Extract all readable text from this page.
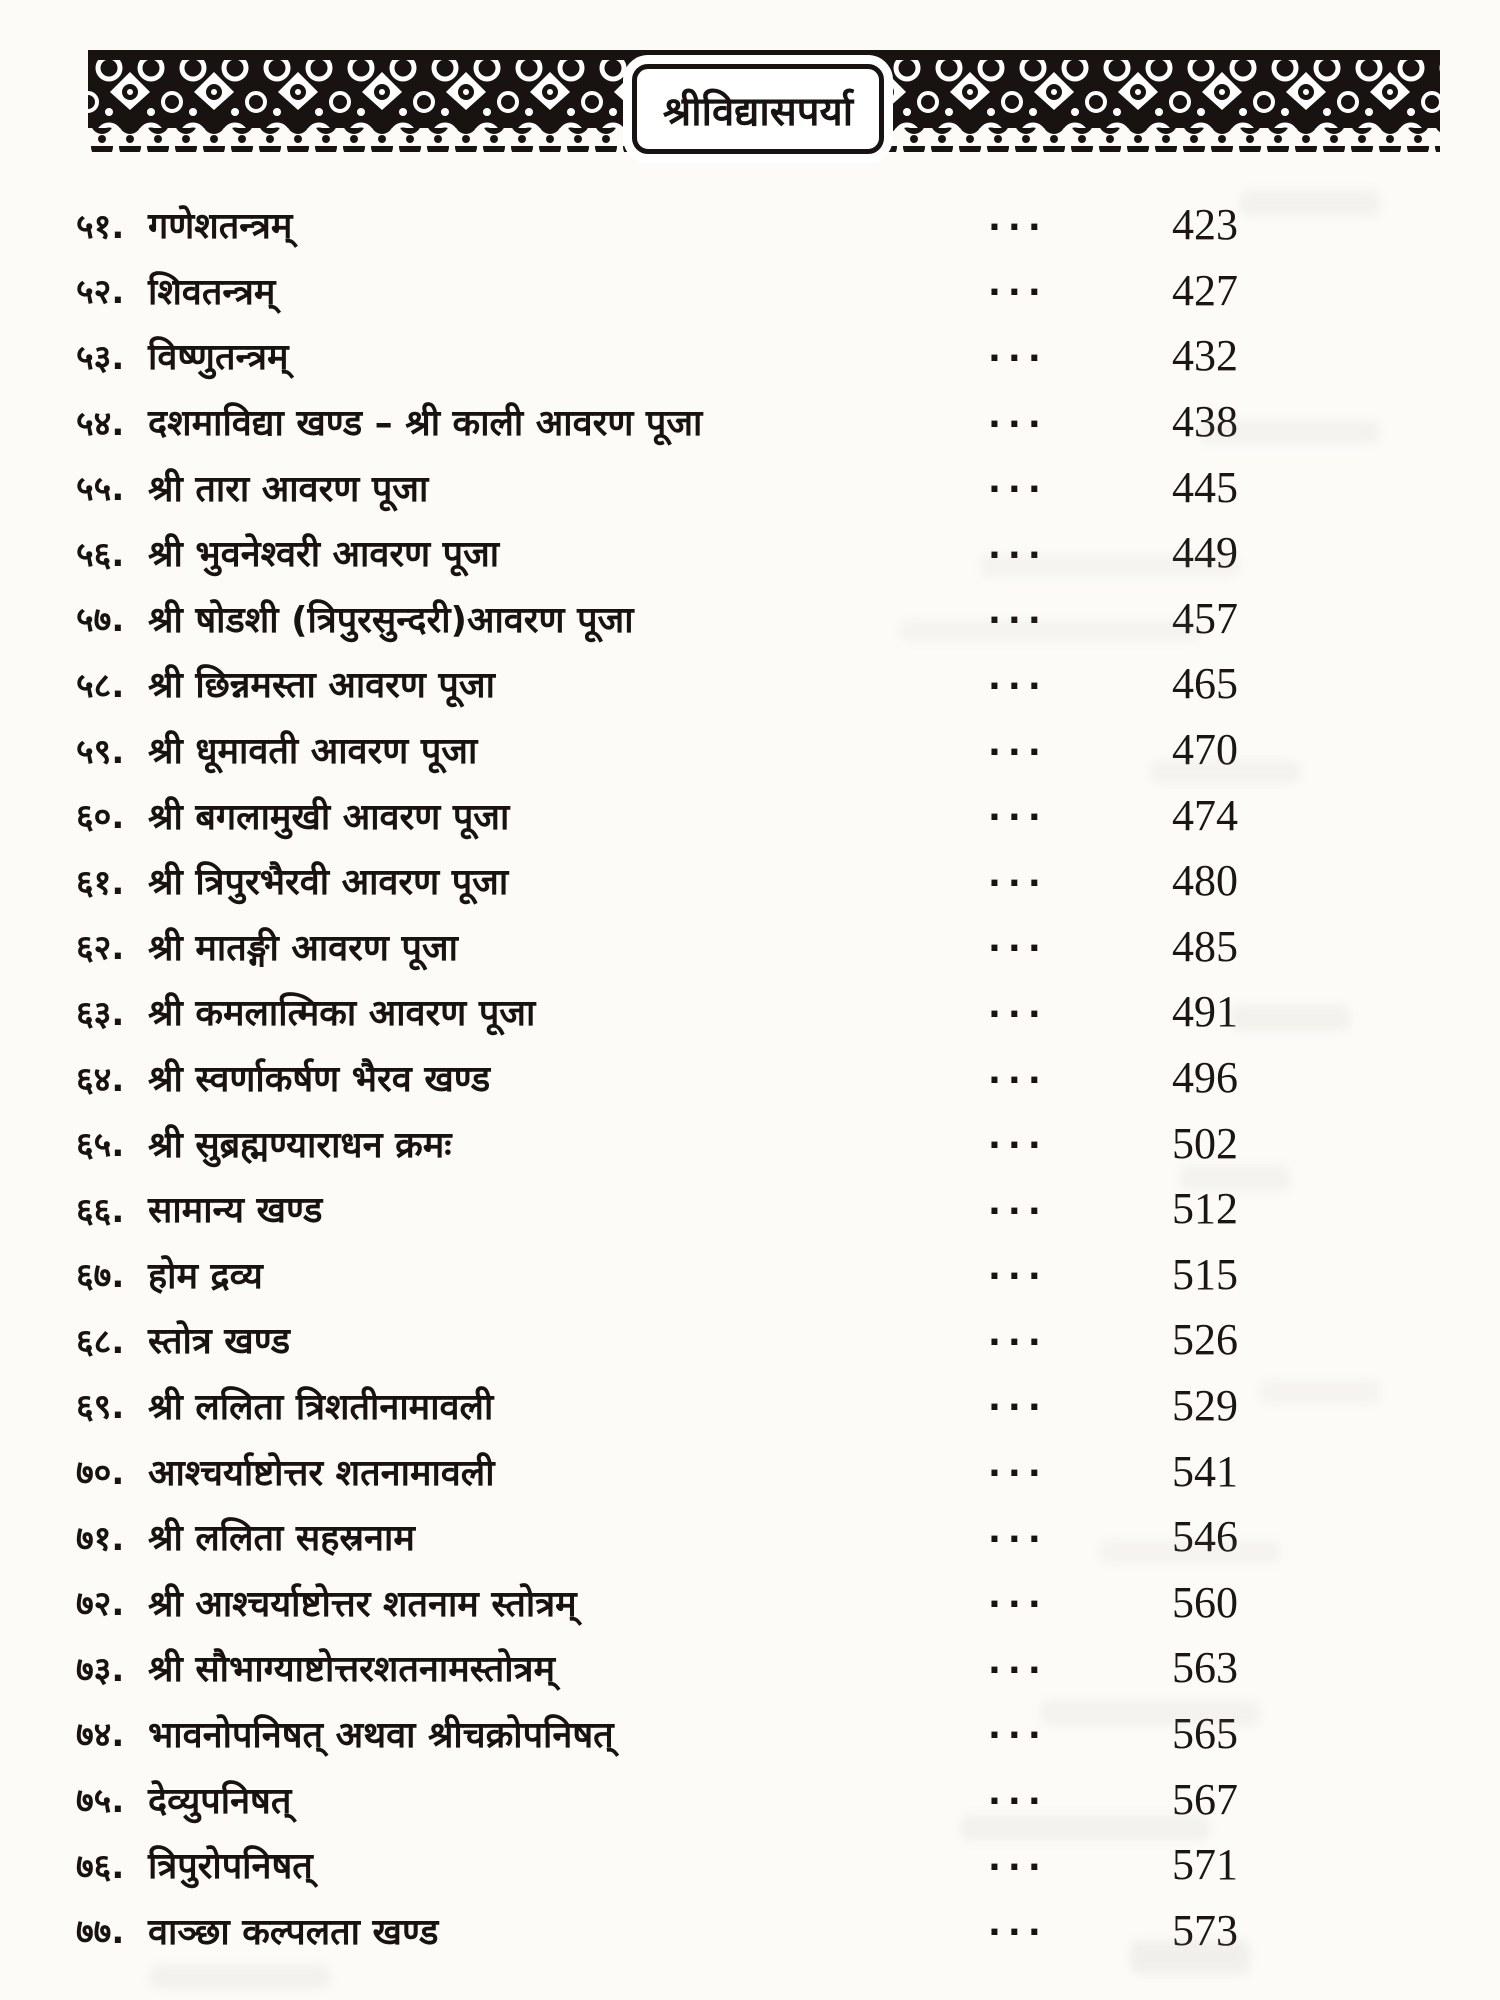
श्रीविद्यासपर्या
५१. गणेशतन्त्रम्	...	423
५२. शिवतन्त्रम्	...	427
५३. विष्णुतन्त्रम्	...	432
५४. दशमाविद्या खण्ड – श्री काली आवरण पूजा	...	438
५५. श्री तारा आवरण पूजा	...	445
५६. श्री भुवनेश्वरी आवरण पूजा	...	449
५७. श्री षोडशी (त्रिपुरसुन्दरी)आवरण पूजा	...	457
५८. श्री छिन्नमस्ता आवरण पूजा	...	465
५९. श्री धूमावती आवरण पूजा	...	470
६०. श्री बगलामुखी आवरण पूजा	...	474
६१. श्री त्रिपुरभैरवी आवरण पूजा	...	480
६२. श्री मातङ्गी आवरण पूजा	...	485
६३. श्री कमलात्मिका आवरण पूजा	...	491
६४. श्री स्वर्णाकर्षण भैरव खण्ड	...	496
६५. श्री सुब्रह्मण्याराधन क्रमः	...	502
६६. सामान्य खण्ड	...	512
६७. होम द्रव्य	...	515
६८. स्तोत्र खण्ड	...	526
६९. श्री ललिता त्रिशतीनामावली	...	529
७०. आश्चर्याष्टोत्तर शतनामावली	...	541
७१. श्री ललिता सहस्रनाम	...	546
७२. श्री आश्चर्याष्टोत्तर शतनाम स्तोत्रम्	...	560
७३. श्री सौभाग्याष्टोत्तरशतनामस्तोत्रम्	...	563
७४. भावनोपनिषत् अथवा श्रीचक्रोपनिषत्	...	565
७५. देव्युपनिषत्	...	567
७६. त्रिपुरोपनिषत्	...	571
७७. वाञ्छा कल्पलता खण्ड	...	573
